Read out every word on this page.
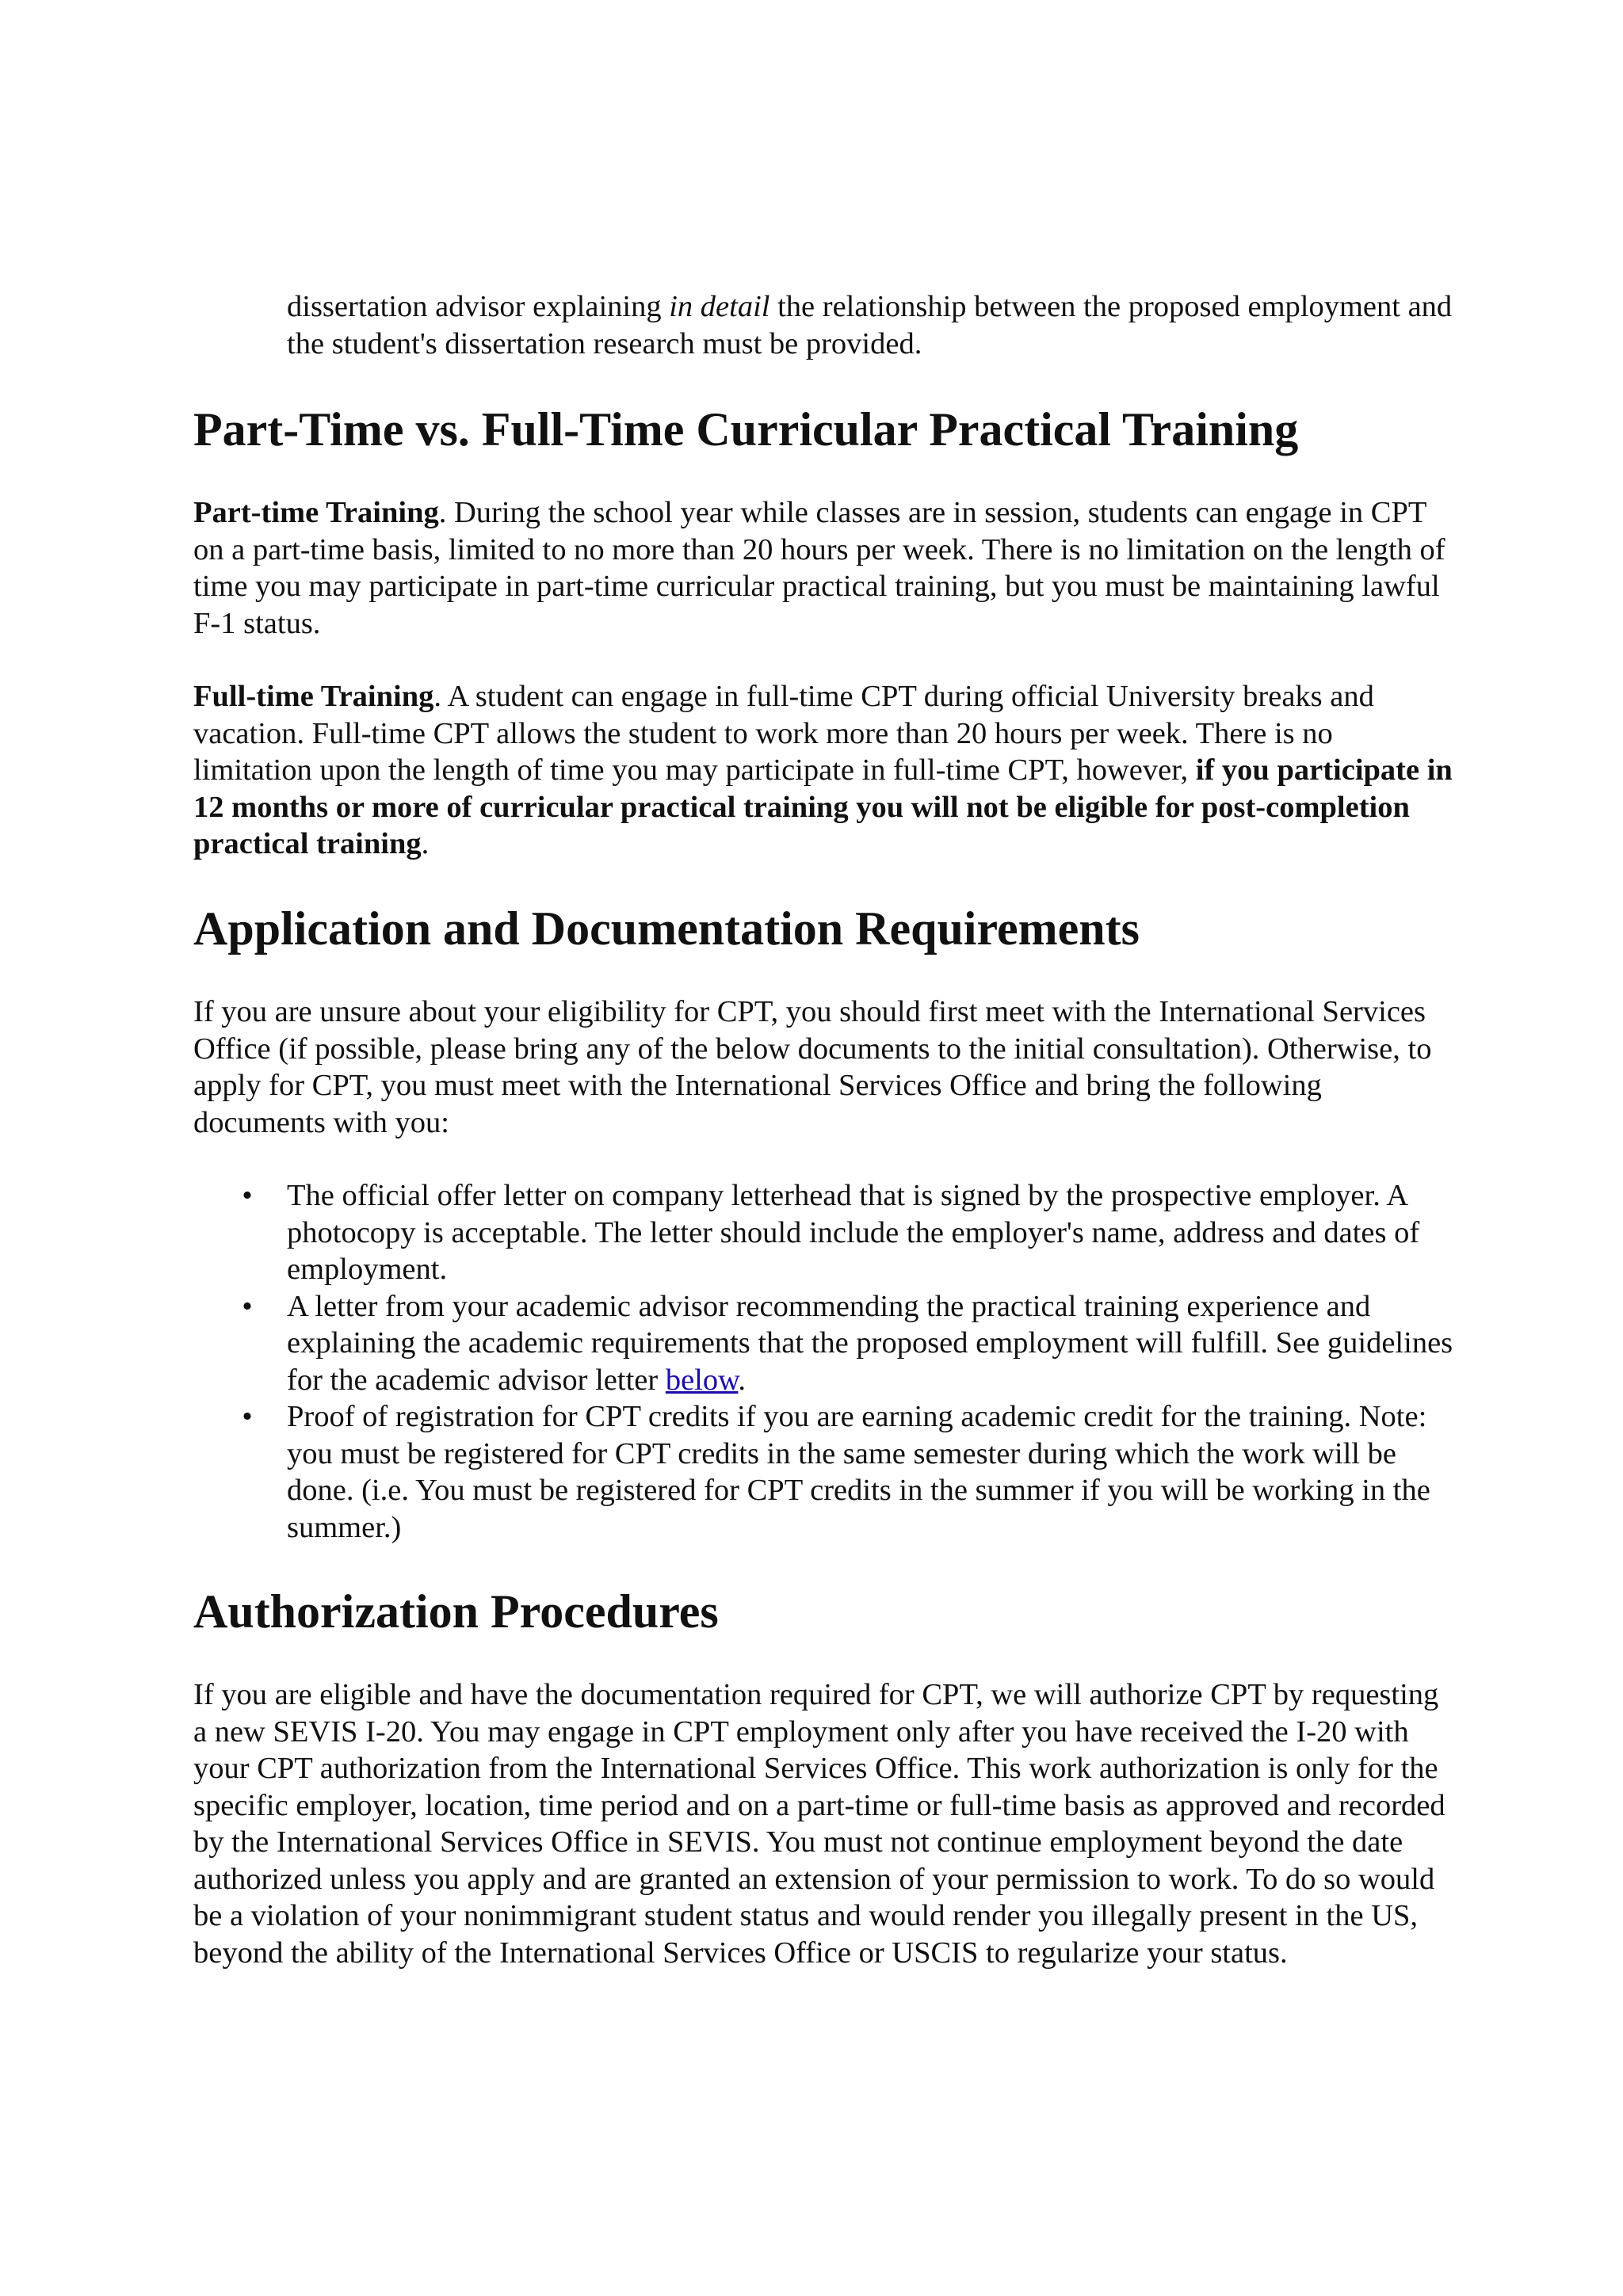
dissertation advisor explaining in detail the relationship between the proposed employment and the student's dissertation research must be provided.

Part-Time vs. Full-Time Curricular Practical Training

Part-time Training. During the school year while classes are in session, students can engage in CPT on a part-time basis, limited to no more than 20 hours per week. There is no limitation on the length of time you may participate in part-time curricular practical training, but you must be maintaining lawful F-1 status.

Full-time Training. A student can engage in full-time CPT during official University breaks and vacation. Full-time CPT allows the student to work more than 20 hours per week. There is no limitation upon the length of time you may participate in full-time CPT, however, if you participate in 12 months or more of curricular practical training you will not be eligible for post-completion practical training.

Application and Documentation Requirements

If you are unsure about your eligibility for CPT, you should first meet with the International Services Office (if possible, please bring any of the below documents to the initial consultation). Otherwise, to apply for CPT, you must meet with the International Services Office and bring the following documents with you:

• The official offer letter on company letterhead that is signed by the prospective employer. A photocopy is acceptable. The letter should include the employer's name, address and dates of employment.
• A letter from your academic advisor recommending the practical training experience and explaining the academic requirements that the proposed employment will fulfill. See guidelines for the academic advisor letter below.
• Proof of registration for CPT credits if you are earning academic credit for the training. Note: you must be registered for CPT credits in the same semester during which the work will be done. (i.e. You must be registered for CPT credits in the summer if you will be working in the summer.)
Authorization Procedures

If you are eligible and have the documentation required for CPT, we will authorize CPT by requesting a new SEVIS I-20. You may engage in CPT employment only after you have received the I-20 with your CPT authorization from the International Services Office. This work authorization is only for the specific employer, location, time period and on a part-time or full-time basis as approved and recorded by the International Services Office in SEVIS. You must not continue employment beyond the date authorized unless you apply and are granted an extension of your permission to work. To do so would be a violation of your nonimmigrant student status and would render you illegally present in the US, beyond the ability of the International Services Office or USCIS to regularize your status.
